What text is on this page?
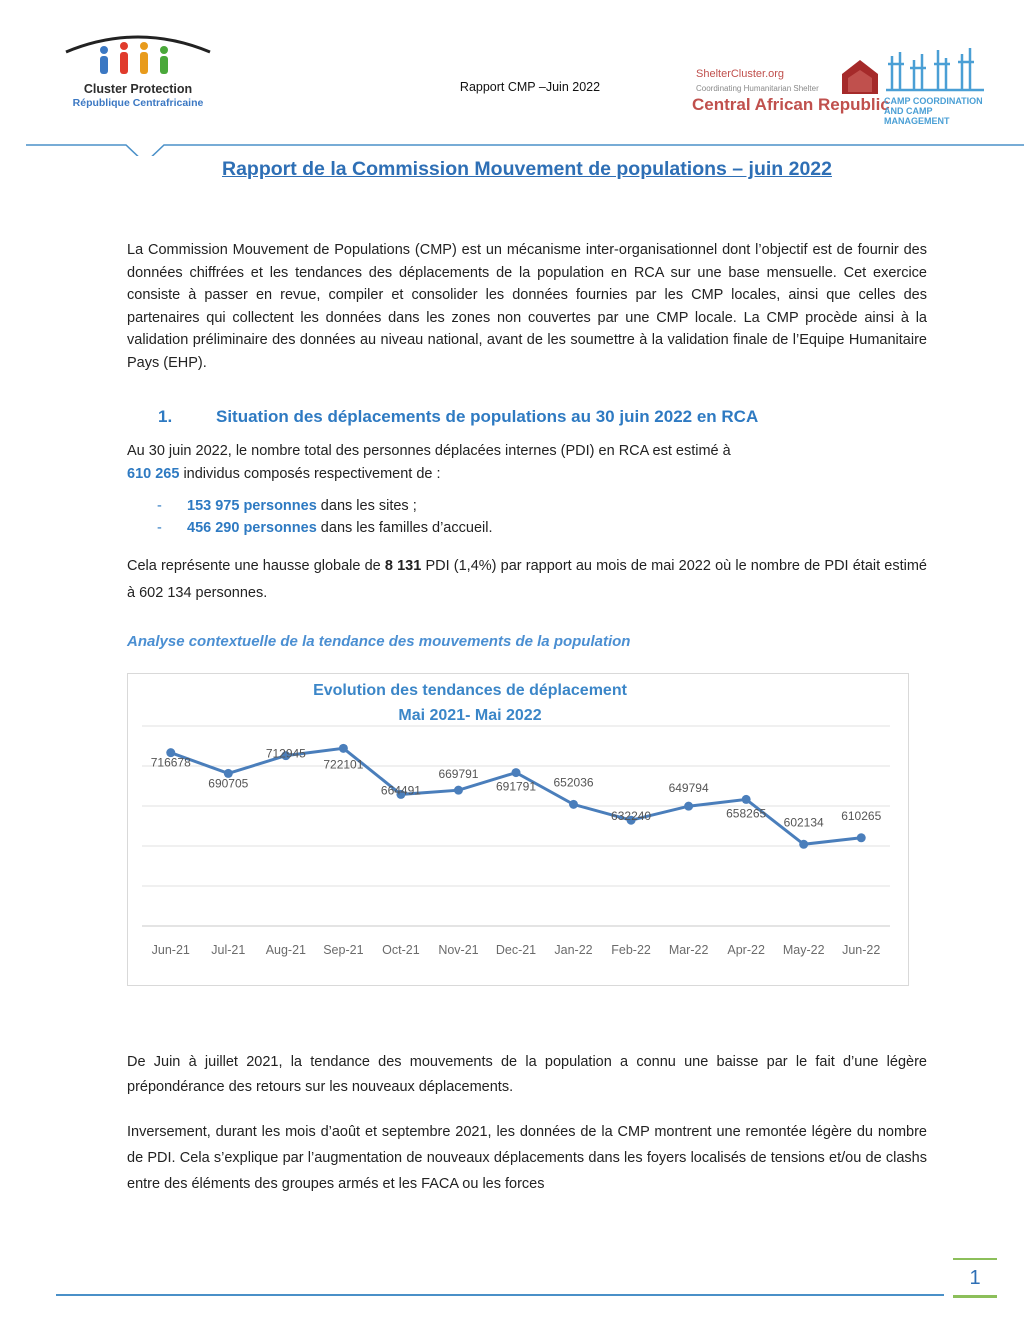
Cluster Protection
République Centrafricaine
Rapport CMP –Juin 2022
ShelterCluster.org
Coordinating Humanitarian Shelter
Central African Republic
CAMP COORDINATION
AND CAMP MANAGEMENT
Rapport de la Commission Mouvement de populations – juin 2022
La Commission Mouvement de Populations (CMP) est un mécanisme inter-organisationnel dont l’objectif est de fournir des données chiffrées et les tendances des déplacements de la population en RCA sur une base mensuelle. Cet exercice consiste à passer en revue, compiler et consolider les données fournies par les CMP locales, ainsi que celles des partenaires qui collectent les données dans les zones non couvertes par une CMP locale. La CMP procède ainsi à la validation préliminaire des données au niveau national, avant de les soumettre à la validation finale de l’Equipe Humanitaire Pays (EHP).
1.	Situation des déplacements de populations au 30 juin 2022 en RCA
Au 30 juin 2022, le nombre total des personnes déplacées internes (PDI) en RCA est estimé à
610 265 individus composés respectivement de :
- 153 975 personnes dans les sites ;
- 456 290 personnes dans les familles d’accueil.
Cela représente une hausse globale de 8 131 PDI (1,4%) par rapport au mois de mai 2022 où le nombre de PDI était estimé à 602 134 personnes.
Analyse contextuelle de la tendance des mouvements de la population
Evolution des tendances de déplacement
Mai 2021- Mai 2022
Jun-21 Jul-21 Aug-21 Sep-21 Oct-21 Nov-21 Dec-21 Jan-22 Feb-22 Mar-22 Apr-22 May-22 Jun-22
716678
690705
712945
722101
664491
669791
691791 652036
632240
649794
658265
602134 610265
De Juin à juillet 2021, la tendance des mouvements de la population a connu une baisse par le fait d’une légère prépondérance des retours sur les nouveaux déplacements.
Inversement, durant les mois d’août et septembre 2021, les données de la CMP montrent une remontée légère du nombre de PDI. Cela s’explique par l’augmentation de nouveaux déplacements dans les foyers localisés de tensions et/ou de clashs entre des éléments des groupes armés et les FACA ou les forces
1
